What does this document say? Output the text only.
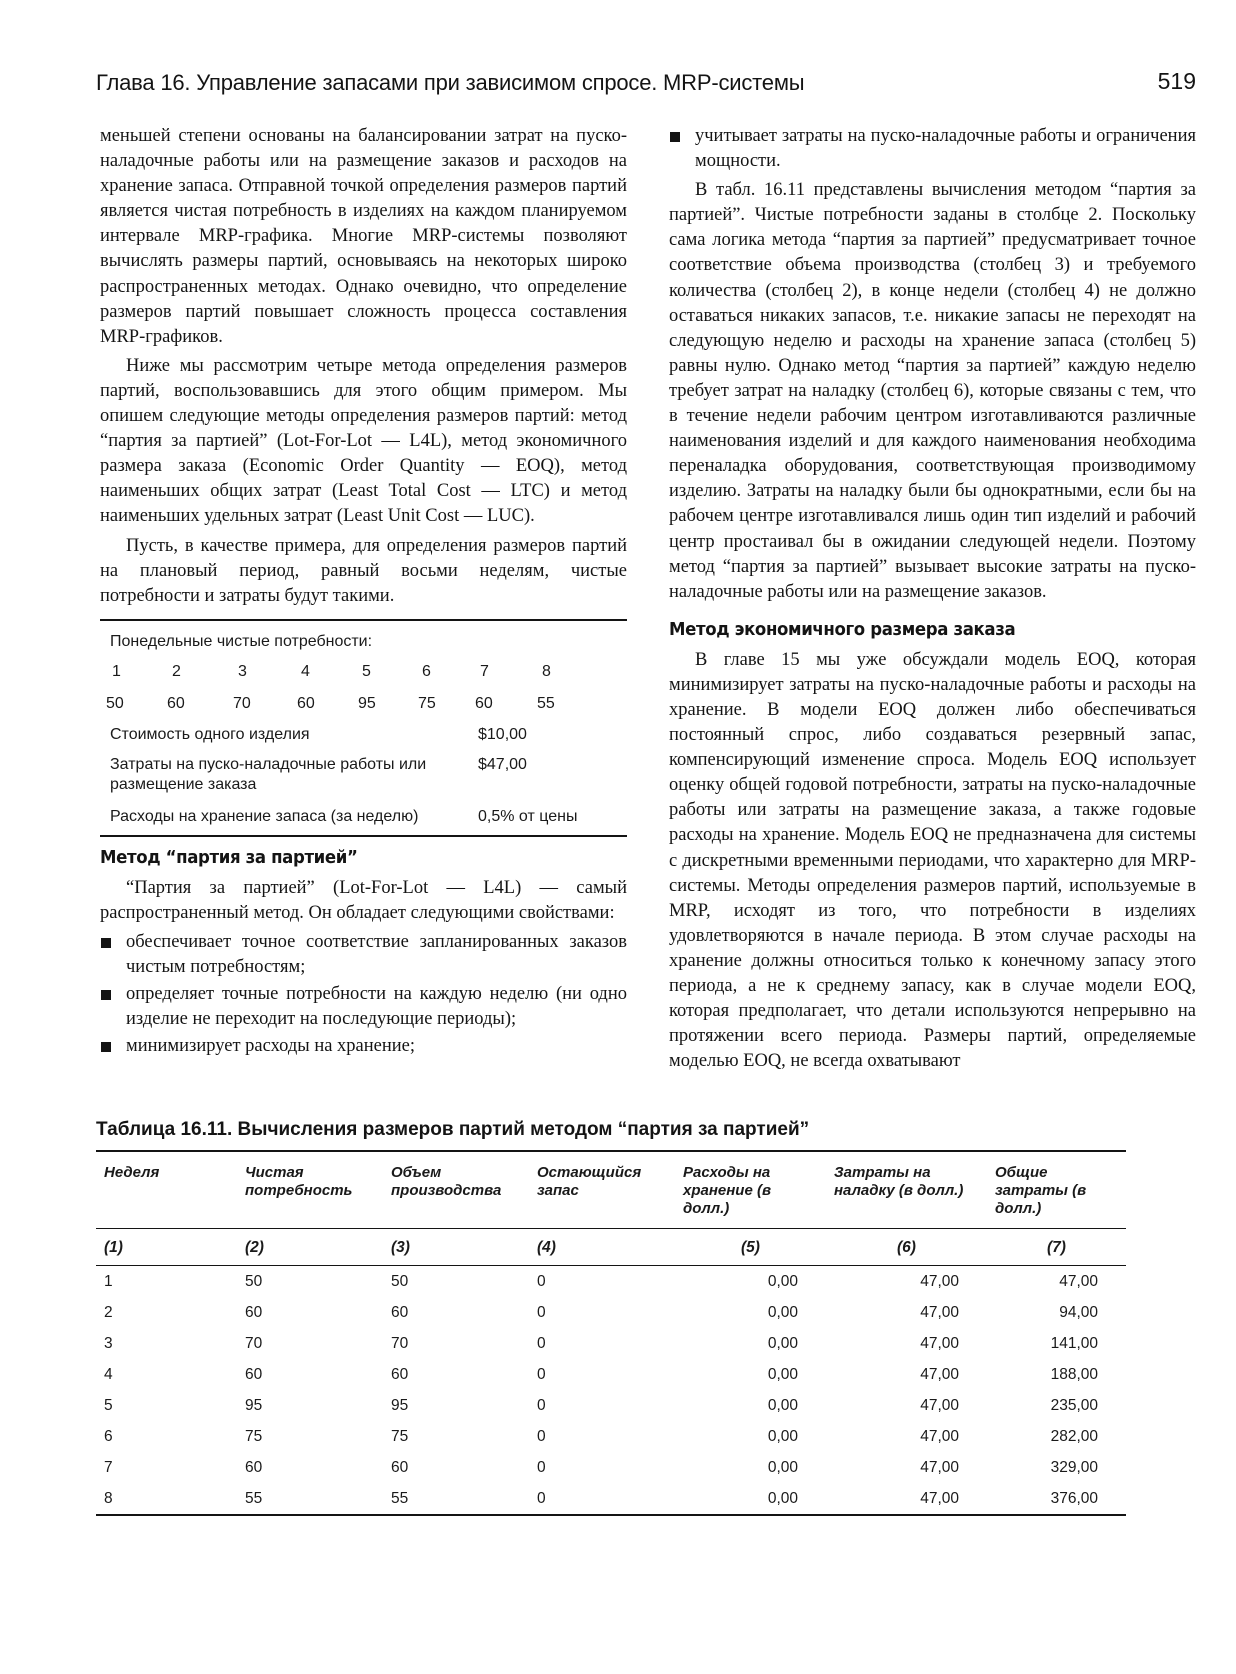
Глава 16. Управление запасами при зависимом спросе. MRP-системы	519

меньшей степени основаны на балансировании затрат на пуско-наладочные работы или на размещение заказов и расходов на хранение запаса. Отправной точкой определения размеров партий является чистая потребность в изделиях на каждом планируемом интервале MRP-графика. Многие MRP-системы позволяют вычислять размеры партий, основываясь на некоторых широко распространенных методах. Однако очевидно, что определение размеров партий повышает сложность процесса составления MRP-графиков.

Ниже мы рассмотрим четыре метода определения размеров партий, воспользовавшись для этого общим примером. Мы опишем следующие методы определения размеров партий: метод “партия за партией” (Lot-For-Lot — L4L), метод экономичного размера заказа (Economic Order Quantity — EOQ), метод наименьших общих затрат (Least Total Cost — LTC) и метод наименьших удельных затрат (Least Unit Cost — LUC).

Пусть, в качестве примера, для определения размеров партий на плановый период, равный восьми неделям, чистые потребности и затраты будут такими.

Понедельные чистые потребности:
1	2	3	4	5	6	7	8
50	60	70	60	95	75 60	55
Стоимость одного изделия	$10,00
Затраты на пуско-наладочные работы или размещение заказа
$47,00
Расходы на хранение запаса (за неделю)	0,5% от цены
Метод “партия за партией”

“Партия за партией” (Lot-For-Lot — L4L) — самый распространенный метод. Он обладает следующими свойствами:

обеспечивает точное соответствие запланированных заказов чистым потребностям;
определяет точные потребности на каждую неделю (ни одно изделие не переходит на последующие периоды);
минимизирует расходы на хранение;
учитывает затраты на пуско-наладочные работы и ограничения мощности.

В табл. 16.11 представлены вычисления методом “партия за партией”. Чистые потребности заданы в столбце 2. Поскольку сама логика метода “партия за партией” предусматривает точное соответствие объема производства (столбец 3) и требуемого количества (столбец 2), в конце недели (столбец 4) не должно оставаться никаких запасов, т.е. никакие запасы не переходят на следующую неделю и расходы на хранение запаса (столбец 5) равны нулю. Однако метод “партия за партией” каждую неделю требует затрат на наладку (столбец 6), которые связаны с тем, что в течение недели рабочим центром изготавливаются различные наименования изделий и для каждого наименования необходима переналадка оборудования, соответствующая производимому изделию. Затраты на наладку были бы однократными, если бы на рабочем центре изготавливался лишь один тип изделий и рабочий центр простаивал бы в ожидании следующей недели. Поэтому метод “партия за партией” вызывает высокие затраты на пуско-наладочные работы или на размещение заказов.

Метод экономичного размера заказа

В главе 15 мы уже обсуждали модель EOQ, которая минимизирует затраты на пуско-наладочные работы и расходы на хранение. В модели EOQ должен либо обеспечиваться постоянный спрос, либо создаваться резервный запас, компенсирующий изменение спроса. Модель EOQ использует оценку общей годовой потребности, затраты на пуско-наладочные работы или затраты на размещение заказа, а также годовые расходы на хранение. Модель EOQ не предназначена для системы с дискретными временными периодами, что характерно для MRP-системы. Методы определения размеров партий, используемые в MRP, исходят из того, что потребности в изделиях удовлетворяются в начале периода. В этом случае расходы на хранение должны относиться только к конечному запасу этого периода, а не к среднему запасу, как в случае модели EOQ, которая предполагает, что детали используются непрерывно на протяжении всего периода. Размеры партий, определяемые моделью EOQ, не всегда охватывают

Таблица 16.11. Вычисления размеров партий методом “партия за партией”
Неделя	Чистая потребность	Объем производства	Остающийся запас	Расходы на хранение (в долл.)	Затраты на наладку (в долл.)	Общие затраты (в долл.)
(1)	(2)	(3)	(4)	(5)	(6)	(7)
1	50	50	0	0,00	47,00	47,00
2	60	60	0	0,00	47,00	94,00
3	70	70	0	0,00	47,00	141,00
4	60	60	0	0,00	47,00	188,00
5	95	95	0	0,00	47,00	235,00
6	75	75	0	0,00	47,00	282,00
7	60	60	0	0,00	47,00	329,00
8	55	55	0	0,00	47,00	376,00
